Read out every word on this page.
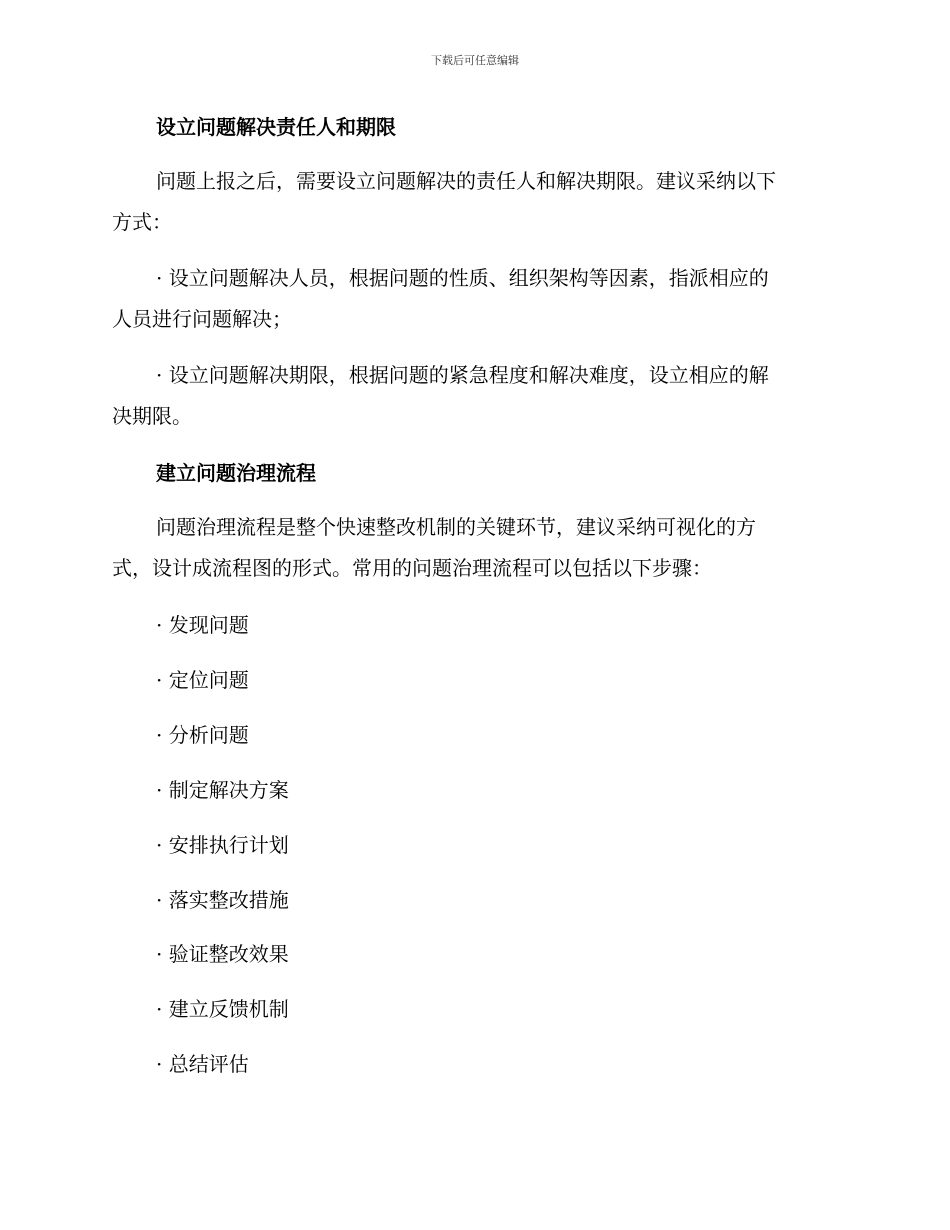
下载后可任意编辑
设立问题解决责任人和期限
问题上报之后，需要设立问题解决的责任人和解决期限。建议采纳以下
方式：
· 设立问题解决人员，根据问题的性质、组织架构等因素，指派相应的
人员进行问题解决；
· 设立问题解决期限，根据问题的紧急程度和解决难度，设立相应的解
决期限。
建立问题治理流程
问题治理流程是整个快速整改机制的关键环节，建议采纳可视化的方
式，设计成流程图的形式。常用的问题治理流程可以包括以下步骤：
· 发现问题
· 定位问题
· 分析问题
· 制定解决方案
· 安排执行计划
· 落实整改措施
· 验证整改效果
· 建立反馈机制
· 总结评估
